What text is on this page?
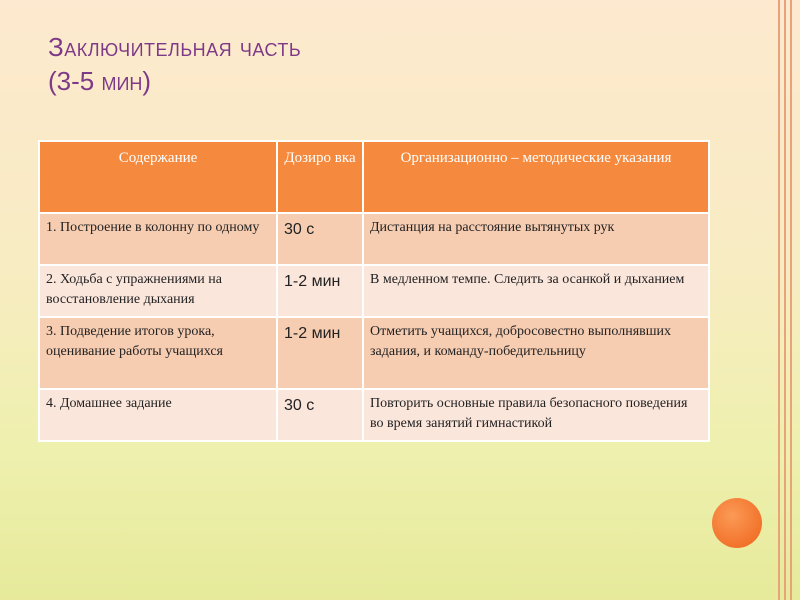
Заключительная часть
(3-5 мин)
Содержание	Дозиро вка	Организационно – методические указания
1. Построение в колонну по одному	30 с	Дистанция на расстояние вытянутых рук
2. Ходьба с упражнениями на восстановление дыхания	1-2 мин	В медленном темпе. Следить за осанкой и дыханием
3. Подведение итогов урока, оценивание работы учащихся	1-2 мин	Отметить учащихся, добросовестно выполнявших задания, и команду-победительницу
4. Домашнее задание	30 с	Повторить основные правила безопасного поведения во время занятий гимнастикой
